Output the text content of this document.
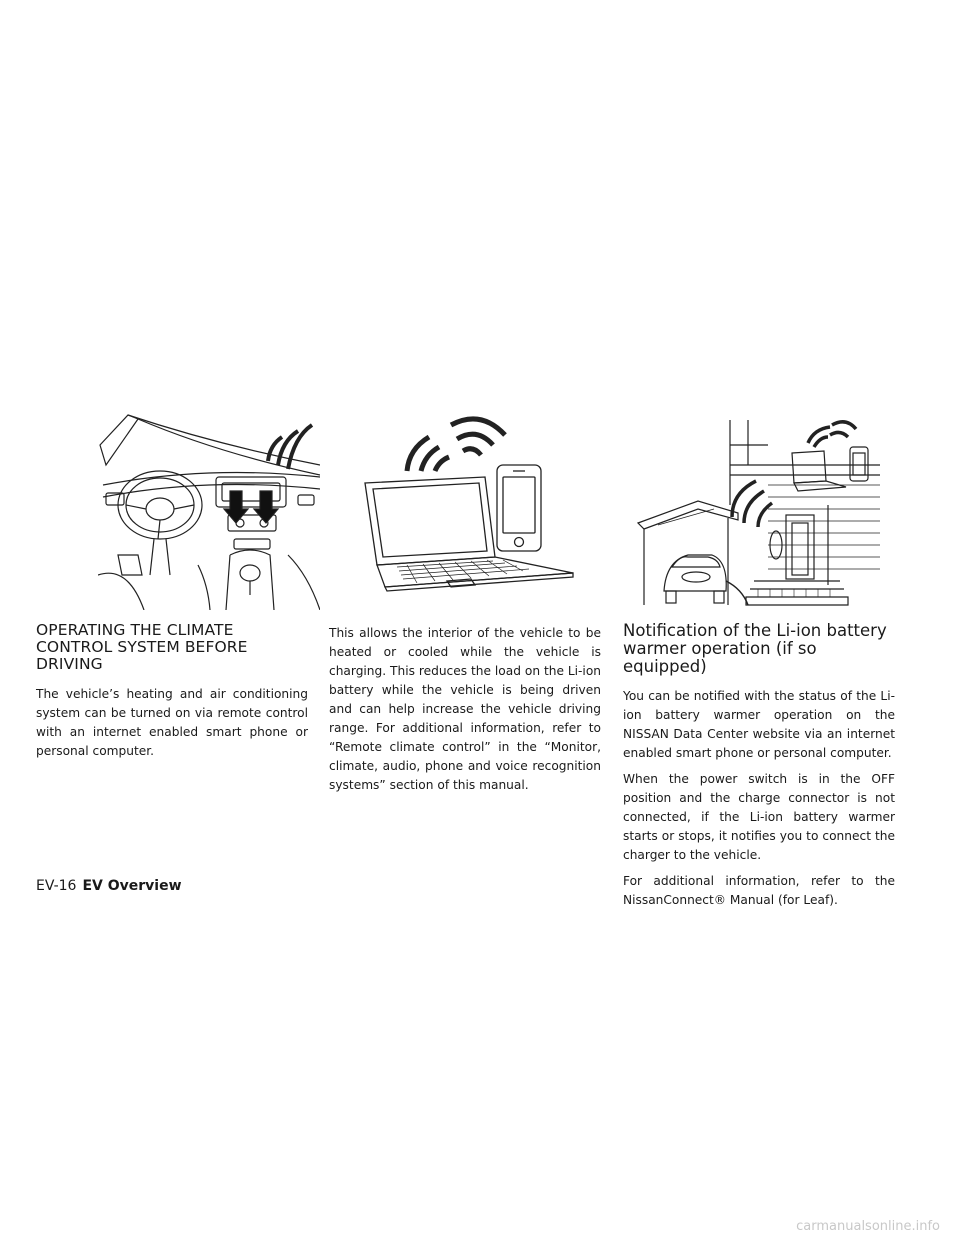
OPERATING THE CLIMATE CONTROL SYSTEM BEFORE DRIVING

The vehicle’s heating and air conditioning system can be turned on via remote control with an internet enabled smart phone or personal computer.

This allows the interior of the vehicle to be heated or cooled while the vehicle is charging. This reduces the load on the Li-ion battery while the vehicle is being driven and can help increase the vehicle driving range. For additional information, refer to “Remote climate control” in the “Monitor, climate, audio, phone and voice recognition systems” section of this manual.

Notification of the Li-ion battery warmer operation (if so equipped)

You can be notified with the status of the Li-ion battery warmer operation on the NISSAN Data Center website via an internet enabled smart phone or personal computer.

When the power switch is in the OFF position and the charge connector is not connected, if the Li-ion battery warmer starts or stops, it notifies you to connect the charger to the vehicle.

For additional information, refer to the NissanConnect® Manual (for Leaf).

EV-16 EV Overview
carmanualsonline.info
